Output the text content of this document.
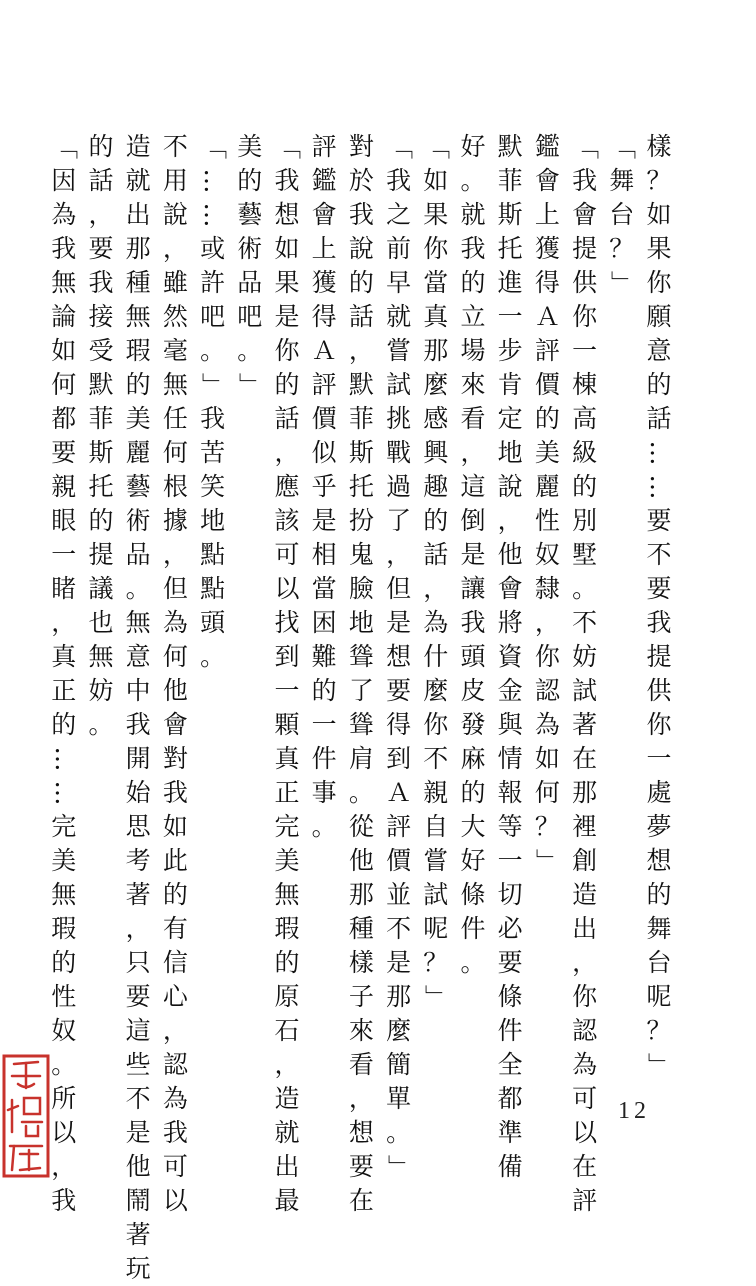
樣
？
如
果
你
願
意
的
話
…
…
要
不
要
我
提
供
你
一
處
夢
想
的
舞
台
呢
？
」
「
舞
台
？
」
「
我
會
提
供
你
一
棟
高
級
的
別
墅
。
不
妨
試
著
在
那
裡
創
造
出
，
你
認
為
可
以
在
評
鑑
會
上
獲
得
Ａ
評
價
的
美
麗
性
奴
隸
，
你
認
為
如
何
？
」
默
菲
斯
托
進
一
步
肯
定
地
說
，
他
會
將
資
金
與
情
報
等
一
切
必
要
條
件
全
都
準
備
好
。
就
我
的
立
場
來
看
，
這
倒
是
讓
我
頭
皮
發
麻
的
大
好
條
件
。
「
如
果
你
當
真
那
麼
感
興
趣
的
話
，
為
什
麼
你
不
親
自
嘗
試
呢
？
」
「
我
之
前
早
就
嘗
試
挑
戰
過
了
，
但
是
想
要
得
到
Ａ
評
價
並
不
是
那
麼
簡
單
。
」
對
於
我
說
的
話
，
默
菲
斯
托
扮
鬼
臉
地
聳
了
聳
肩
。
從
他
那
種
樣
子
來
看
，
想
要
在
評
鑑
會
上
獲
得
Ａ
評
價
似
乎
是
相
當
困
難
的
一
件
事
。
「
我
想
如
果
是
你
的
話
，
應
該
可
以
找
到
一
顆
真
正
完
美
無
瑕
的
原
石
，
造
就
出
最
美
的
藝
術
品
吧
。
」
「
…
…
或
許
吧
。
」
我
苦
笑
地
點
點
頭
。
不
用
說
，
雖
然
毫
無
任
何
根
據
，
但
為
何
他
會
對
我
如
此
的
有
信
心
，
認
為
我
可
以
造
就
出
那
種
無
瑕
的
美
麗
藝
術
品
。
無
意
中
我
開
始
思
考
著
，
只
要
這
些
不
是
他
鬧
著
玩
的
話
，
要
我
接
受
默
菲
斯
托
的
提
議
也
無
妨
。
「
因
為
我
無
論
如
何
都
要
親
眼
一
睹
，
真
正
的
…
…
完
美
無
瑕
的
性
奴
。
所
以
，
我
12
